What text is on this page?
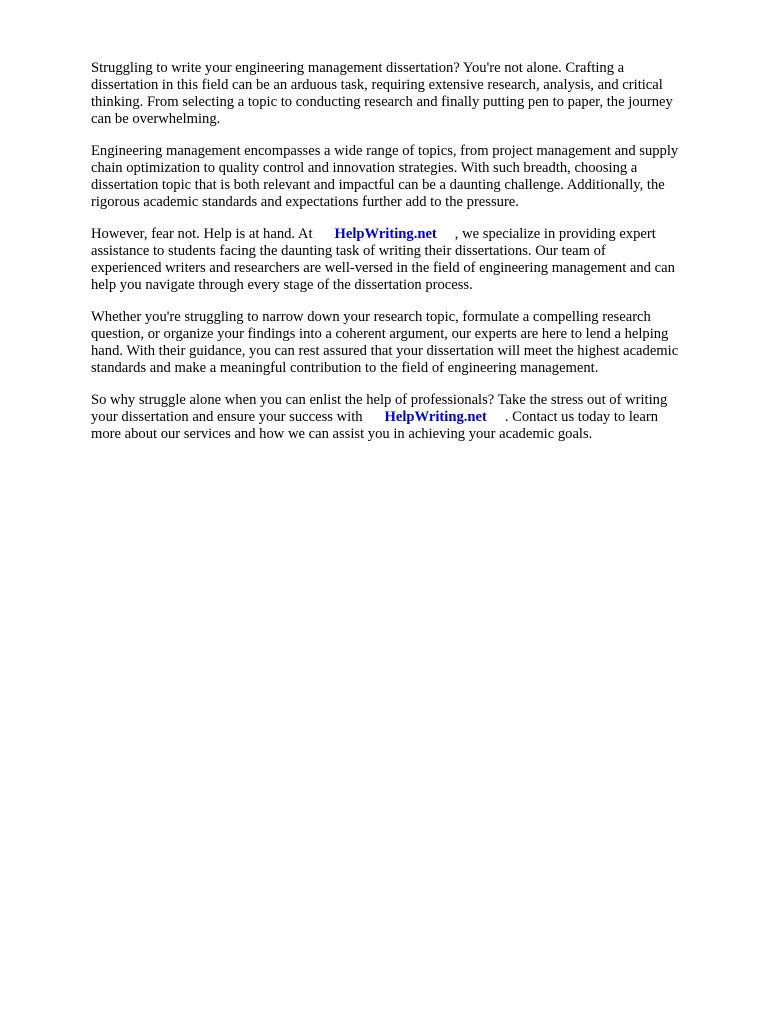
Struggling to write your engineering management dissertation? You're not alone. Crafting a
dissertation in this field can be an arduous task, requiring extensive research, analysis, and critical
thinking. From selecting a topic to conducting research and finally putting pen to paper, the journey
can be overwhelming.

Engineering management encompasses a wide range of topics, from project management and supply
chain optimization to quality control and innovation strategies. With such breadth, choosing a
dissertation topic that is both relevant and impactful can be a daunting challenge. Additionally, the
rigorous academic standards and expectations further add to the pressure.

However, fear not. Help is at hand. At HelpWriting.net , we specialize in providing expert
assistance to students facing the daunting task of writing their dissertations. Our team of
experienced writers and researchers are well-versed in the field of engineering management and can
help you navigate through every stage of the dissertation process.

Whether you're struggling to narrow down your research topic, formulate a compelling research
question, or organize your findings into a coherent argument, our experts are here to lend a helping
hand. With their guidance, you can rest assured that your dissertation will meet the highest academic
standards and make a meaningful contribution to the field of engineering management.

So why struggle alone when you can enlist the help of professionals? Take the stress out of writing
your dissertation and ensure your success with HelpWriting.net . Contact us today to learn
more about our services and how we can assist you in achieving your academic goals.
